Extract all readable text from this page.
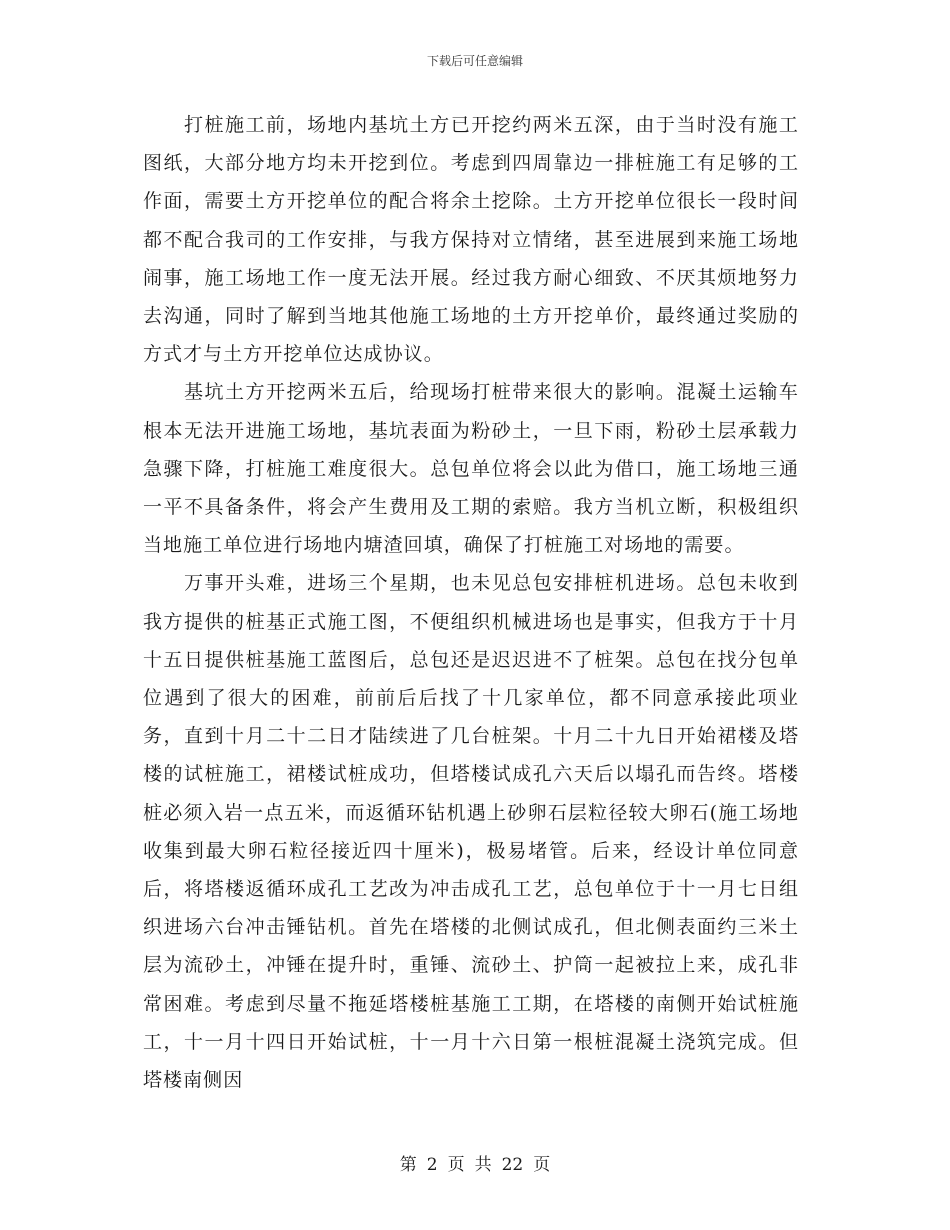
下载后可任意编辑

打桩施工前，场地内基坑土方已开挖约两米五深，由于当时没有施工图纸，大部分地方均未开挖到位。考虑到四周靠边一排桩施工有足够的工作面，需要土方开挖单位的配合将余土挖除。土方开挖单位很长一段时间都不配合我司的工作安排，与我方保持对立情绪，甚至进展到来施工场地闹事，施工场地工作一度无法开展。经过我方耐心细致、不厌其烦地努力去沟通，同时了解到当地其他施工场地的土方开挖单价，最终通过奖励的方式才与土方开挖单位达成协议。

基坑土方开挖两米五后，给现场打桩带来很大的影响。混凝土运输车根本无法开进施工场地，基坑表面为粉砂土，一旦下雨，粉砂土层承载力急骤下降，打桩施工难度很大。总包单位将会以此为借口，施工场地三通一平不具备条件，将会产生费用及工期的索赔。我方当机立断，积极组织当地施工单位进行场地内塘渣回填，确保了打桩施工对场地的需要。

万事开头难，进场三个星期，也未见总包安排桩机进场。总包未收到我方提供的桩基正式施工图，不便组织机械进场也是事实，但我方于十月十五日提供桩基施工蓝图后，总包还是迟迟进不了桩架。总包在找分包单位遇到了很大的困难，前前后后找了十几家单位，都不同意承接此项业务，直到十月二十二日才陆续进了几台桩架。十月二十九日开始裙楼及塔楼的试桩施工，裙楼试桩成功，但塔楼试成孔六天后以塌孔而告终。塔楼桩必须入岩一点五米，而返循环钻机遇上砂卵石层粒径较大卵石(施工场地收集到最大卵石粒径接近四十厘米)，极易堵管。后来，经设计单位同意后，将塔楼返循环成孔工艺改为冲击成孔工艺，总包单位于十一月七日组织进场六台冲击锤钻机。首先在塔楼的北侧试成孔，但北侧表面约三米土层为流砂土，冲锤在提升时，重锤、流砂土、护筒一起被拉上来，成孔非常困难。考虑到尽量不拖延塔楼桩基施工工期，在塔楼的南侧开始试桩施工，十一月十四日开始试桩，十一月十六日第一根桩混凝土浇筑完成。但塔楼南侧因

第 2 页 共 22 页
